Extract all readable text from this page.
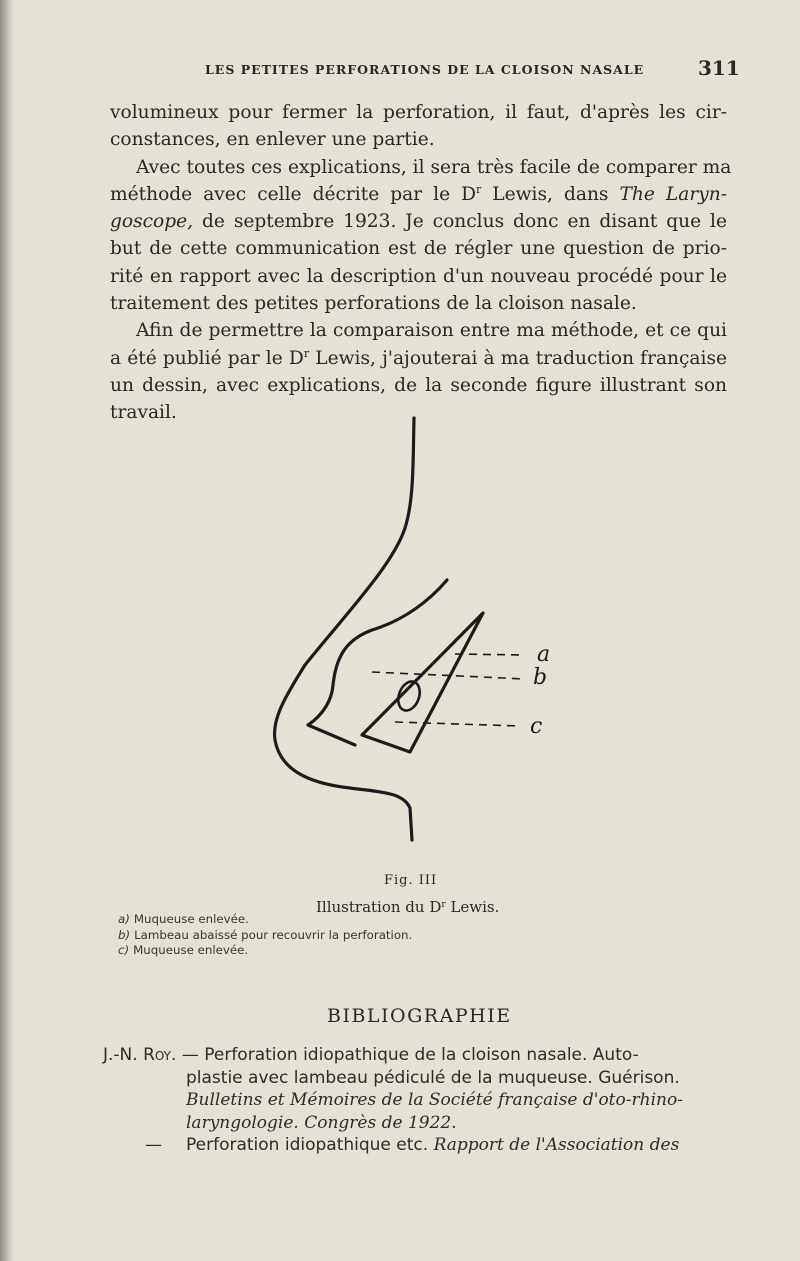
LES PETITES PERFORATIONS DE LA CLOISON NASALE	311
volumineux pour fermer la perforation, il faut, d'après les cir-
constances, en enlever une partie.
Avec toutes ces explications, il sera très facile de comparer ma
méthode avec celle décrite par le $D^r$ Lewis, dans The Laryn-
goscope, de septembre 1923. Je conclus donc en disant que le
but de cette communication est de régler une question de prio-
rité en rapport avec la description d'un nouveau procédé pour le
traitement des petites perforations de la cloison nasale.
Afin de permettre la comparaison entre ma méthode, et ce qui
a été publié par le $D^r$ Lewis, j'ajouterai à ma traduction française
un dessin, avec explications, de la seconde figure illustrant son
travail.
a
b
c
Fig. III
Illustration du $D^r$ Lewis.
a) Muqueuse enlevée.
b) Lambeau abaissé pour recouvrir la perforation.
c) Muqueuse enlevée.
BIBLIOGRAPHIE
J.-N. Roy. — Perforation idiopathique de la cloison nasale. Auto-
plastie avec lambeau pédiculé de la muqueuse. Guérison.
Bulletins et Mémoires de la Société française d'oto-rhino-
laryngologie. Congrès de 1922.
— Perforation idiopathique etc. Rapport de l'Association des
